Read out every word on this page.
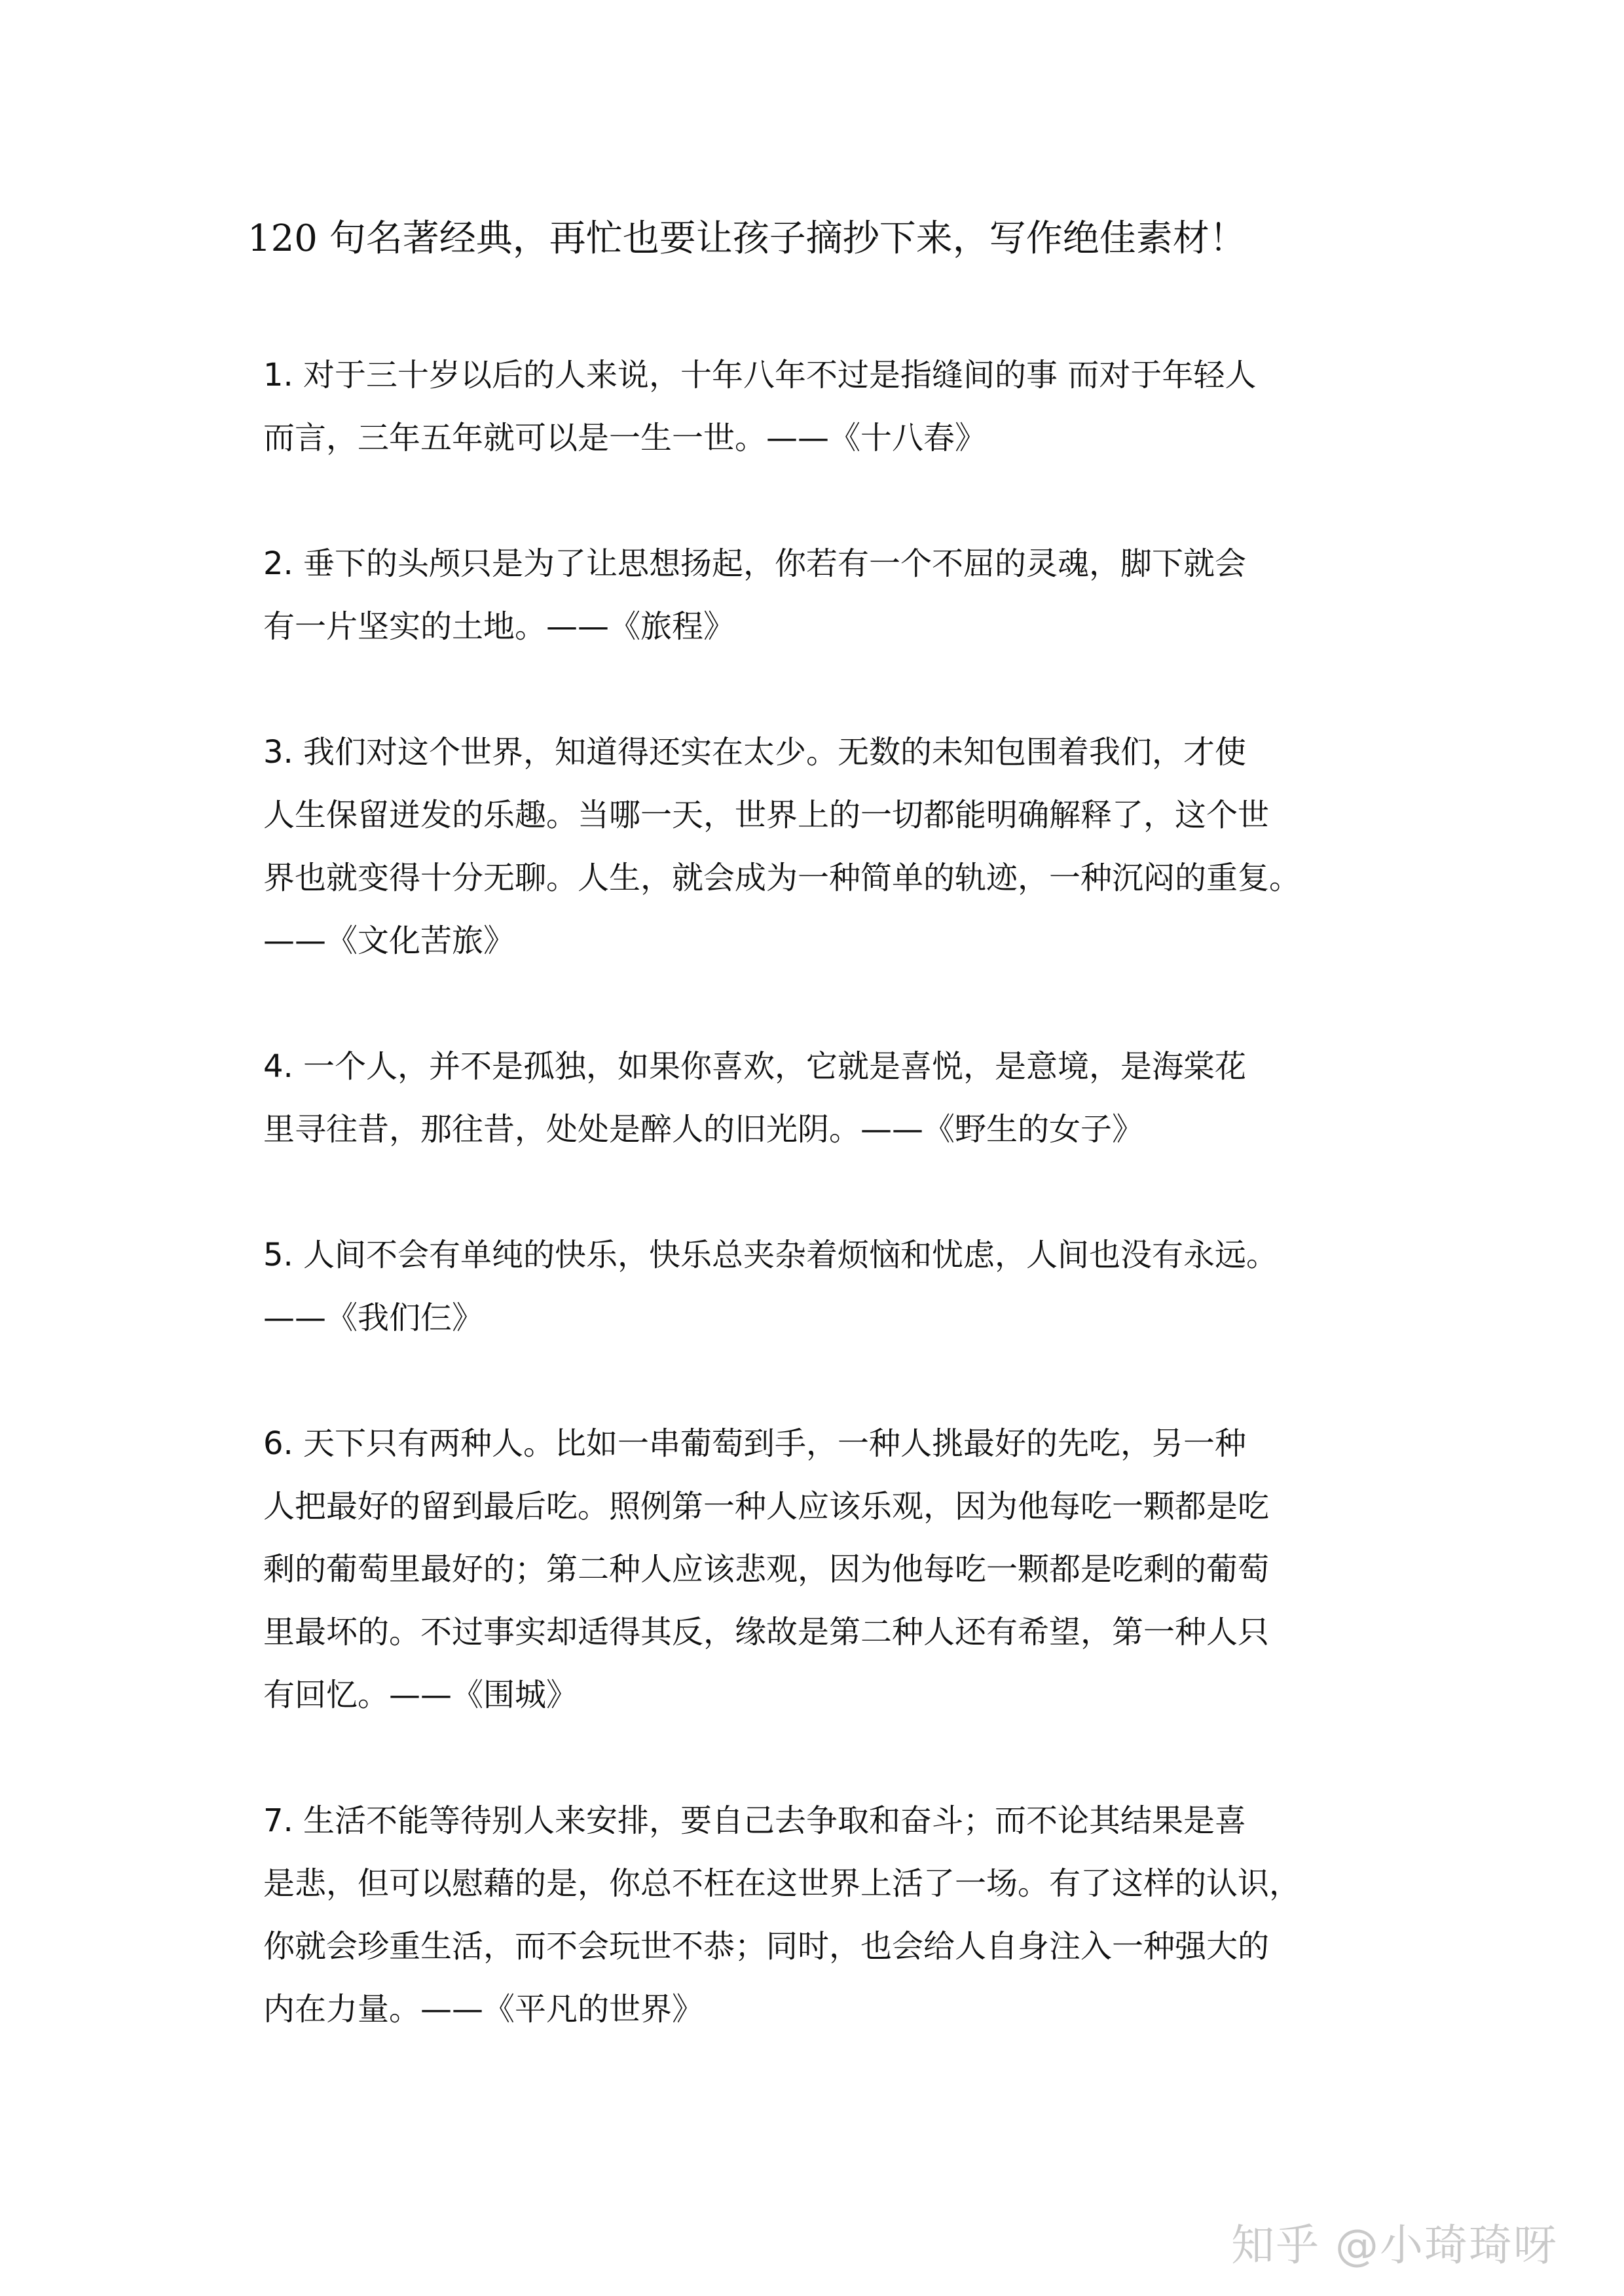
120 句名著经典，再忙也要让孩子摘抄下来，写作绝佳素材！
1. 对于三十岁以后的人来说，十年八年不过是指缝间的事 而对于年轻人
而言，三年五年就可以是一生一世。——《十八春》
2. 垂下的头颅只是为了让思想扬起，你若有一个不屈的灵魂，脚下就会
有一片坚实的土地。——《旅程》
3. 我们对这个世界，知道得还实在太少。无数的未知包围着我们，才使
人生保留迸发的乐趣。当哪一天，世界上的一切都能明确解释了，这个世
界也就变得十分无聊。人生，就会成为一种简单的轨迹，一种沉闷的重复。
——《文化苦旅》
4. 一个人，并不是孤独，如果你喜欢，它就是喜悦，是意境，是海棠花
里寻往昔，那往昔，处处是醉人的旧光阴。——《野生的女子》
5. 人间不会有单纯的快乐，快乐总夹杂着烦恼和忧虑，人间也没有永远。
——《我们仨》
6. 天下只有两种人。比如一串葡萄到手，一种人挑最好的先吃，另一种
人把最好的留到最后吃。照例第一种人应该乐观，因为他每吃一颗都是吃
剩的葡萄里最好的；第二种人应该悲观，因为他每吃一颗都是吃剩的葡萄
里最坏的。不过事实却适得其反，缘故是第二种人还有希望，第一种人只
有回忆。——《围城》
7. 生活不能等待别人来安排，要自己去争取和奋斗；而不论其结果是喜
是悲，但可以慰藉的是，你总不枉在这世界上活了一场。有了这样的认识，
你就会珍重生活，而不会玩世不恭；同时，也会给人自身注入一种强大的
内在力量。——《平凡的世界》
知乎 @小琦琦呀
